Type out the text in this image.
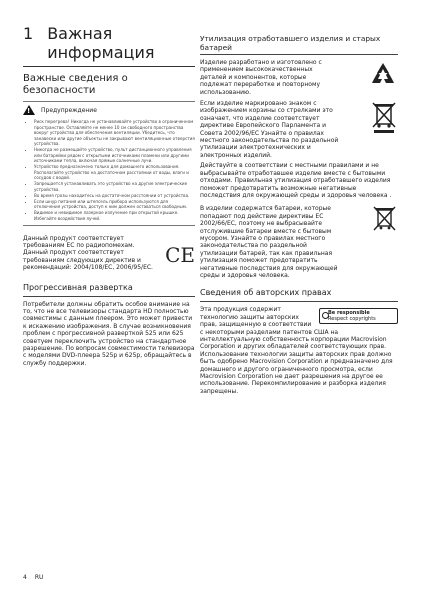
1 Важная информация
Важные сведения о безопасности
! Предупреждение
• Риск перегрева! Никогда не устанавливайте устройство в ограниченном пространстве. Оставляйте не менее 10 см свободного пространства вокруг устройства для обеспечения вентиляции. Убедитесь, что занавески или другие объекты не закрывают вентиляционные отверстия устройства.
• Никогда не размещайте устройство, пульт дистанционного управления или батарейки рядом с открытыми источниками пламени или другими источниками тепла, включая прямые солнечные лучи.
• Устройство предназначено только для домашнего использования. Располагайте устройство на достаточном расстоянии от воды, влаги и сосудов с водой.
• Запрещается устанавливать это устройство на другие электрические устройства.
• Во время грозы находитесь на достаточном расстоянии от устройства.
• Если шнур питания или штепсель прибора используются для отключения устройства, доступ к ним должен оставаться свободным.
• Видимое и невидимое лазерное излучение при открытой крышке. Избегайте воздействия лучей.
Данный продукт соответствует требованиям ЕС по радиопомехам. Данный продукт соответствует требованиям следующих директив и рекомендаций: 2004/108/EC, 2006/95/EC.
CE
Прогрессивная развертка

Потребители должны обратить особое внимание на то, что не все телевизоры стандарта HD полностью совместимы с данным плеером. Это может привести к искажению изображения. В случае возникновения проблем с прогрессивной разверткой 525 или 625 советуем переключить устройство на стандартное разрешение. По вопросам совместимости телевизора с моделями DVD-плеера 525p и 625p, обращайтесь в службу поддержки.

Утилизация отработавшего изделия и старых батарей

Изделие разработано и изготовлено с применением высококачественных деталей и компонентов, которые подлежат переработке и повторному использованию.

Если изделие маркировано знаком с изображением корзины со стрелками это означает, что изделие соответствует директиве Европейского Парламента и Совета 2002/96/EC Узнайте о правилах местного законодательства по раздельной утилизации электротехнических и электронных изделий.

Действуйте в соответствии с местными правилами и не выбрасывайте отработавшее изделие вместе с бытовыми отходами. Правильная утилизация отработавшего изделия поможет предотвратить возможные негативные последствия для окружающей среды и здоровья человека .

В изделии содержатся батареи, которые попадают под действие директивы ЕС 2002/66/ЕС, поэтому не выбрасывайте отслужившие батареи вместе с бытовым мусором. Узнайте о правилах местного законодательства по раздельной утилизации батарей, так как правильная утилизация поможет предотвратить негативные последствия для окружающей среды и здоровья человека.

Сведения об авторских правах
Be responsible
Respect copyrights

Эта продукция содержит технологию защиты авторских прав, защищенную в соответствии с некоторыми разделами патентов США на интеллектуальную собственность корпорации Macrovision Corporation и других обладателей соответствующих прав. Использование технологии защиты авторских прав должно быть одобрено Macrovision Corporation и предназначено для домашнего и другого ограниченного просмотра, если Macrovision Corporation не дает разрешения на другое ее использование. Перекомпилирование и разборка изделия запрещены.

4 RU
